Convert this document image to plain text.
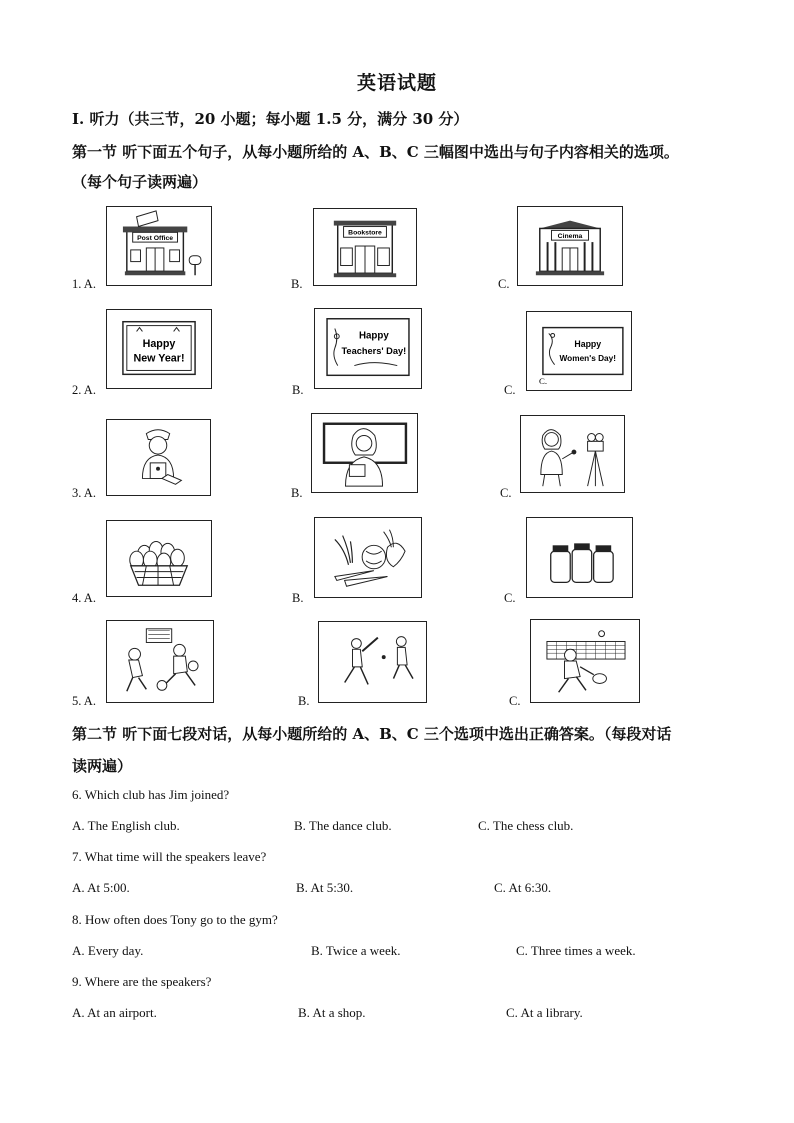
英语试题
Ⅰ. 听力（共三节，20 小题；每小题 1.5 分，满分 30 分）
第一节 听下面五个句子，从每小题所给的 A、B、C 三幅图中选出与句子内容相关的选项。
（每个句子读两遍）
Post Office
1. A.
Bookstore
B.
Cinema
C.
Happy
New Year!
2. A.
Happy
Teachers' Day!
B.
Happy
Women's Day!
C.
C.
3. A.	B.	C.
4. A.	B.	C.
5. A.	B.	C.
第二节 听下面七段对话，从每小题所给的 A、B、C 三个选项中选出正确答案。（每段对话
读两遍）
6. Which club has Jim joined?
A. The English club.	B. The dance club.	C. The chess club.
7. What time will the speakers leave?
A. At 5:00.	B. At 5:30.	C. At 6:30.
8. How often does Tony go to the gym?
A. Every day.	B. Twice a week.	C. Three times a week.
9. Where are the speakers?
A. At an airport.	B. At a shop.	C. At a library.
